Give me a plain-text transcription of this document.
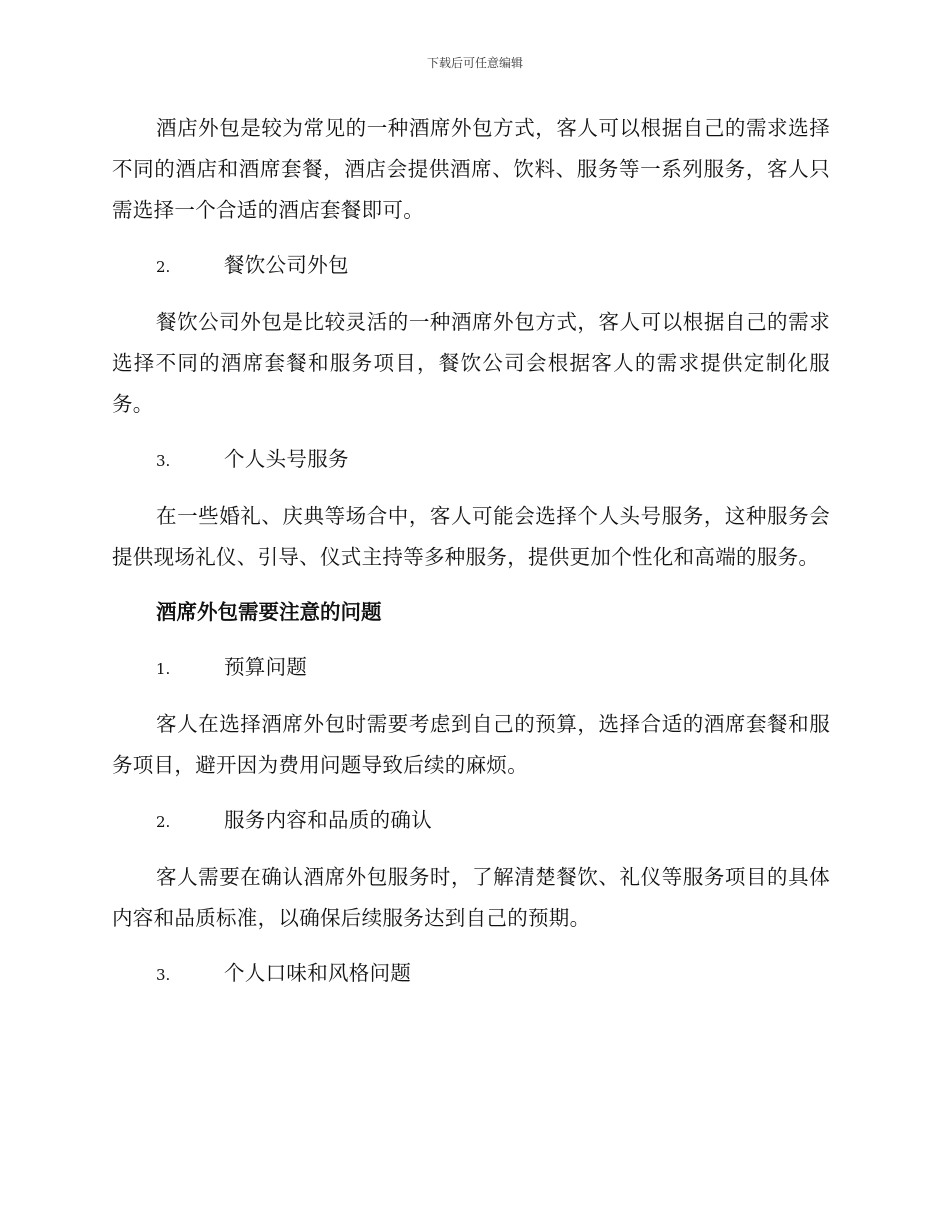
下载后可任意编辑

酒店外包是较为常见的一种酒席外包方式，客人可以根据自己的需求选择不同的酒店和酒席套餐，酒店会提供酒席、饮料、服务等一系列服务，客人只需选择一个合适的酒店套餐即可。

2.	餐饮公司外包

餐饮公司外包是比较灵活的一种酒席外包方式，客人可以根据自己的需求选择不同的酒席套餐和服务项目，餐饮公司会根据客人的需求提供定制化服务。

3.	个人头号服务

在一些婚礼、庆典等场合中，客人可能会选择个人头号服务，这种服务会提供现场礼仪、引导、仪式主持等多种服务，提供更加个性化和高端的服务。

酒席外包需要注意的问题
1.	预算问题

客人在选择酒席外包时需要考虑到自己的预算，选择合适的酒席套餐和服务项目，避开因为费用问题导致后续的麻烦。

2.	服务内容和品质的确认

客人需要在确认酒席外包服务时，了解清楚餐饮、礼仪等服务项目的具体内容和品质标准，以确保后续服务达到自己的预期。

3.	个人口味和风格问题
